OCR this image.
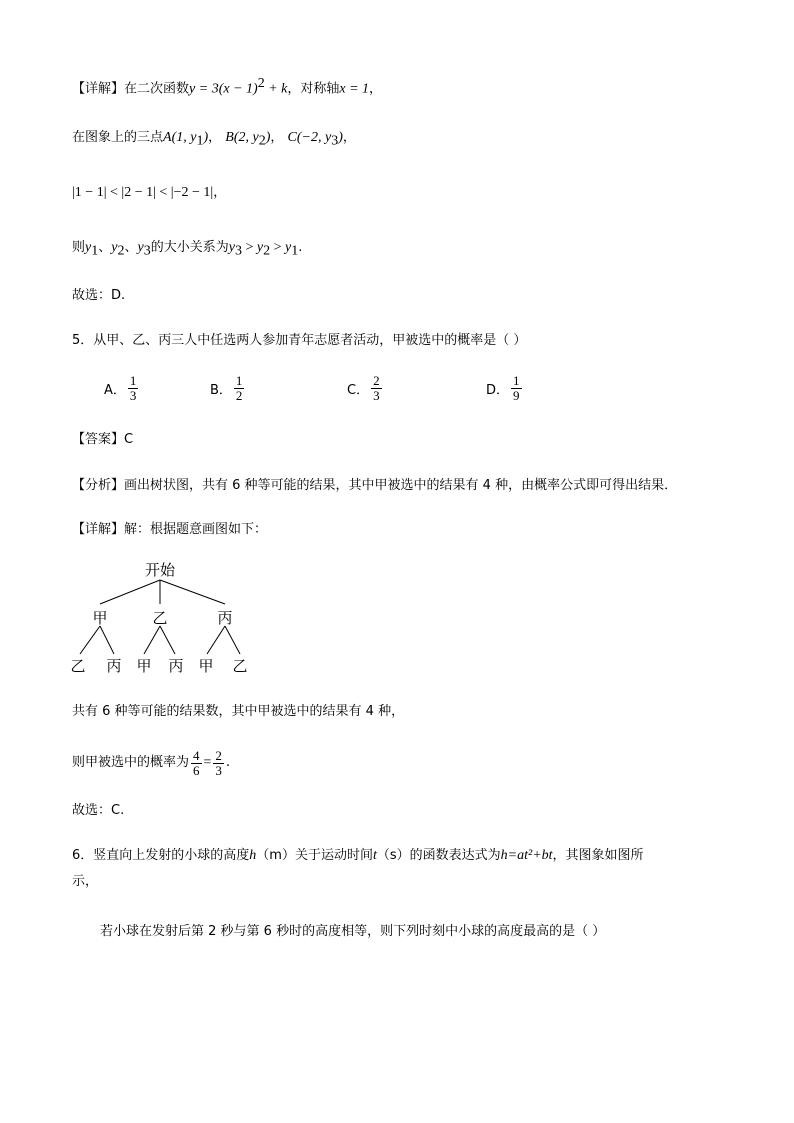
【详解】在二次函数$y = 3(x - 1)^2 + k$，对称轴x = 1，
在图象上的三点A(1, $y_1$)， B(2, $y_2$)， C(−2, $y_3$)，
|1 − 1| < |2 − 1| < |−2 − 1|，
则$y_1$、$y_2$、$y_3$的大小关系为$y_3 > y_2 > y_1$.
故选：D.
5．从甲、乙、丙三人中任选两人参加青年志愿者活动，甲被选中的概率是（ ）
A． $\frac{1}{3}$	B． $\frac{1}{2}$	C． $\frac{2}{3}$	D． $\frac{1}{9}$
【答案】C
【分析】画出树状图，共有 6 种等可能的结果，其中甲被选中的结果有 4 种，由概率公式即可得出结果．
【详解】解：根据题意画图如下：
开始
甲	乙	丙
乙 丙 甲 丙 甲 乙
共有 6 种等可能的结果数，其中甲被选中的结果有 4 种，
则甲被选中的概率为 $\frac{4}{6} = \frac{2}{3}$ .
故选：C.
6．竖直向上发射的小球的高度h（m）关于运动时间t（s）的函数表达式为h=at²+bt，其图象如图所
示，
若小球在发射后第 2 秒与第 6 秒时的高度相等，则下列时刻中小球的高度最高的是（ ）
